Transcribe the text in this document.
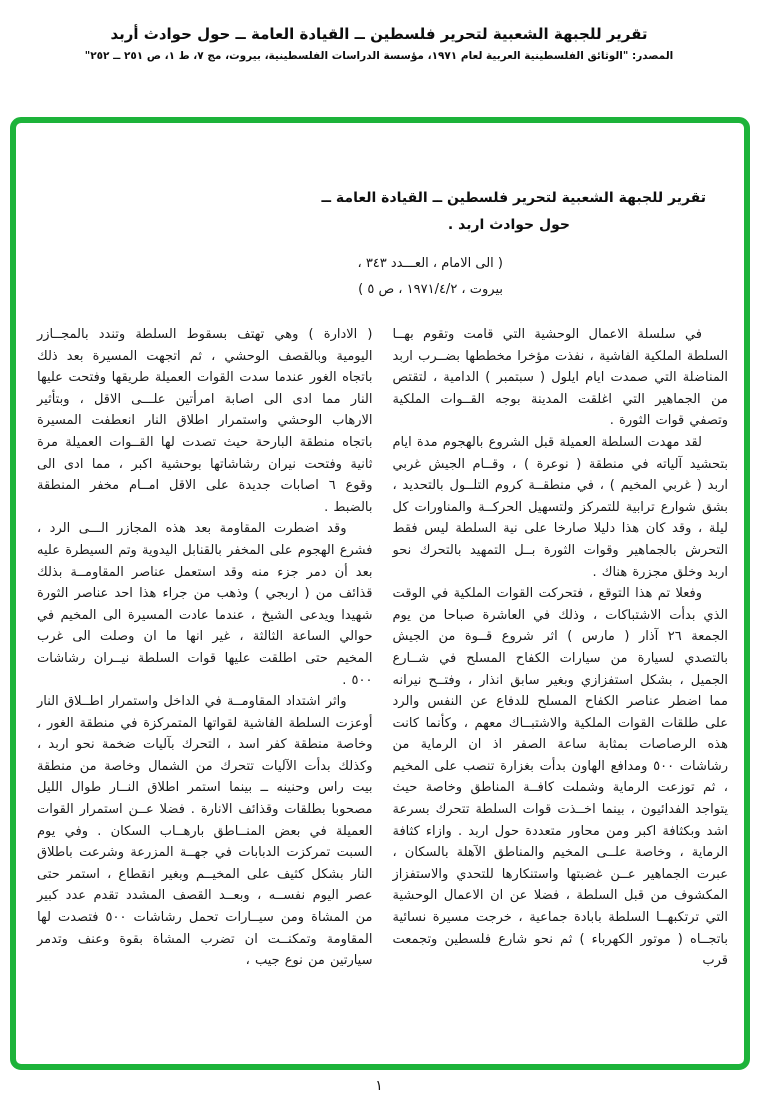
تقرير للجبهة الشعبية لتحرير فلسطين ــ القيادة العامة ــ حول حوادث أربد
المصدر: "الوثائق الفلسطينية العربية لعام ١٩٧١، مؤسسة الدراسات الفلسطينية، بيروت، مج ٧، ط ١، ص ٢٥١ ــ ٢٥٢"
تقرير للجبهة الشعبية لتحرير فلسطين ــ القيادة العامة ــ
حول حوادث اربد .
( الى الامام ، العـــدد ٣٤٣ ،
بيروت ، ١٩٧١/٤/٢ ، ص ٥ )

في سلسلة الاعمال الوحشية التي قامت وتقوم بهــا السلطة الملكية الفاشية ، نفذت مؤخرا مخططها بضــرب اربد المناضلة التي صمدت ايام ايلول ( سبتمبر ) الدامية ، لتقتص من الجماهير التي اغلقت المدينة بوجه القــوات الملكية وتصفي قوات الثورة .

لقد مهدت السلطة العميلة قبل الشروع بالهجوم مدة ايام بتحشيد آلياته في منطقة ( نوعرة ) ، وقــام الجيش غربي اربد ( غربي المخيم ) ، في منطقــة كروم التلــول بالتحديد ، بشق شوارع ترابية للتمركز ولتسهيل الحركــة والمناورات كل ليلة ، وقد كان هذا دليلا صارخا على نية السلطة ليس فقط التحرش بالجماهير وقوات الثورة بــل التمهيد بالتحرك نحو اربد وخلق مجزرة هناك .

وفعلا تم هذا التوقع ، فتحركت القوات الملكية في الوقت الذي بدأت الاشتباكات ، وذلك في العاشرة صباحا من يوم الجمعة ٢٦ آذار ( مارس ) اثر شروع قــوة من الجيش بالتصدي لسيارة من سيارات الكفاح المسلح في شــارع الجميل ، بشكل استفزازي وبغير سابق انذار ، وفتــح نيرانه مما اضطر عناصر الكفاح المسلح للدفاع عن النفس والرد على طلقات القوات الملكية والاشتبــاك معهم ، وكأنما كانت هذه الرصاصات بمثابة ساعة الصفر اذ ان الرماية من رشاشات ٥٠٠ ومدافع الهاون بدأت بغزارة تنصب على المخيم ، ثم توزعت الرماية وشملت كافــة المناطق وخاصة حيث يتواجد الفدائيون ، بينما اخــذت قوات السلطة تتحرك بسرعة اشد وبكثافة اكبر ومن محاور متعددة حول اربد . وازاء كثافة الرماية ، وخاصة علــى المخيم والمناطق الآهلة بالسكان ، عبرت الجماهير عــن غضبتها واستنكارها للتحدي والاستفزاز المكشوف من قبل السلطة ، فضلا عن ان الاعمال الوحشية التي ترتكبهــا السلطة بابادة جماعية ، خرجت مسيرة نسائية باتجــاه ( موتور الكهرباء ) ثم نحو شارع فلسطين وتجمعت قرب

( الادارة ) وهي تهتف بسقوط السلطة وتندد بالمجــازر اليومية وبالقصف الوحشي ، ثم اتجهت المسيرة بعد ذلك باتجاه الغور عندما سدت القوات العميلة طريقها وفتحت عليها النار مما ادى الى اصابة امرأتين علـــى الاقل ، وبتأثير الارهاب الوحشي واستمرار اطلاق النار انعطفت المسيرة باتجاه منطقة البارحة حيث تصدت لها القــوات العميلة مرة ثانية وفتحت نيران رشاشاتها بوحشية اكبر ، مما ادى الى وقوع ٦ اصابات جديدة على الاقل امــام مخفر المنطقة بالضبط .

وقد اضطرت المقاومة بعد هذه المجازر الـــى الرد ، فشرع الهجوم على المخفر بالقنابل اليدوية وتم السيطرة عليه بعد أن دمر جزء منه وقد استعمل عناصر المقاومــة بذلك قذائف من ( اربجي ) وذهب من جراء هذا احد عناصر الثورة شهيدا ويدعى الشيخ ، عندما عادت المسيرة الى المخيم في حوالي الساعة الثالثة ، غير انها ما ان وصلت الى غرب المخيم حتى اطلقت عليها قوات السلطة نيــران رشاشات ٥٠٠ .

واثر اشتداد المقاومــة في الداخل واستمرار اطــلاق النار أوعزت السلطة الفاشية لقواتها المتمركزة في منطقة الغور ، وخاصة منطقة كفر اسد ، التحرك بآليات ضخمة نحو اربد ، وكذلك بدأت الآليات تتحرك من الشمال وخاصة من منطقة بيت راس وحنينه ــ بينما استمر اطلاق النــار طوال الليل مصحوبا بطلقات وقذائف الانارة . فضلا عــن استمرار القوات العميلة في بعض المنــاطق بارهــاب السكان . وفي يوم السبت تمركزت الدبابات في جهــة المزرعة وشرعت باطلاق النار بشكل كثيف على المخيــم وبغير انقطاع ، استمر حتى عصر اليوم نفســه ، وبعــد القصف المشدد تقدم عدد كبير من المشاة ومن سيــارات تحمل رشاشات ٥٠٠ فتصدت لها المقاومة وتمكنــت ان تضرب المشاة بقوة وعنف وتدمر سيارتين من نوع جيب ،

١
